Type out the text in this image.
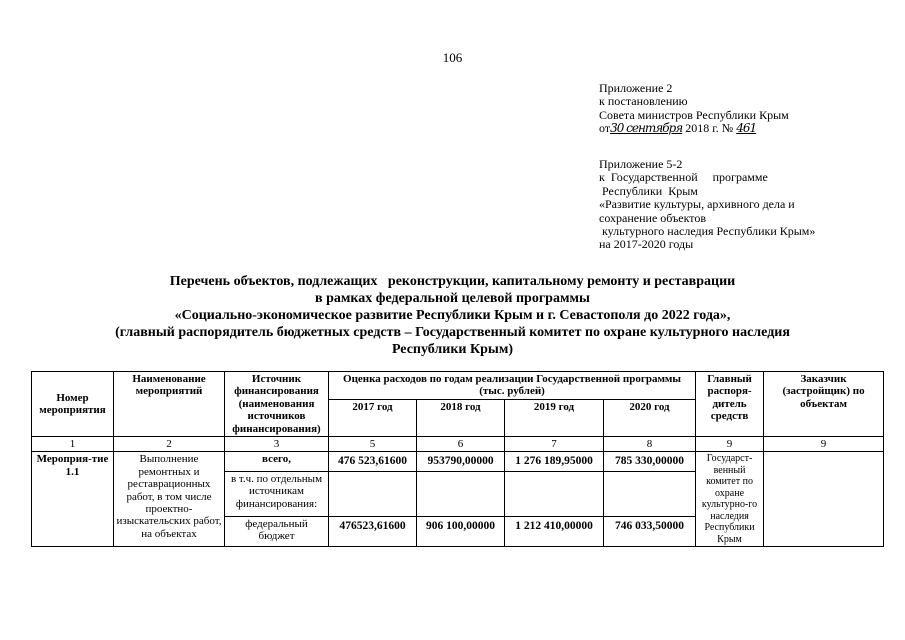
106
Приложение 2
к постановлению
Совета министров Республики Крым
от30 сентября 2018 г. № 461
Приложение 5-2
к  Государственной     программе
Республики  Крым
«Развитие культуры, архивного дела и
сохранение объектов
культурного наследия Республики Крым»
на 2017-2020 годы
Перечень объектов, подлежащих   реконструкции, капитальному ремонту и реставрации
в рамках федеральной целевой программы
«Социально-экономическое развитие Республики Крым и г. Севастополя до 2022 года»,
(главный распорядитель бюджетных средств – Государственный комитет по охране культурного наследия
Республики Крым)
Номер мероприятия	Наименование мероприятий	Источник финансирования (наименования источников финансирования)	Оценка расходов по годам реализации Государственной программы (тыс. рублей)				Главный распоря-дитель средств	Заказчик (застройщик) по объектам
			2017 год	2018 год	2019 год	2020 год		
1	2	3	5	6	7	8	9	9
Мероприя-тие 1.1	Выполнение ремонтных и реставрационных работ, в том числе проектно-изыскательских работ, на объектах	всего,	476 523,61600	953790,00000	1 276 189,95000	785 330,00000	Государст-венный комитет по охране культурно-го наследия Республики Крым	
		в т.ч. по отдельным источникам финансирования:						
		федеральный бюджет	476523,61600	906 100,00000	1 212 410,00000	746 033,50000		
